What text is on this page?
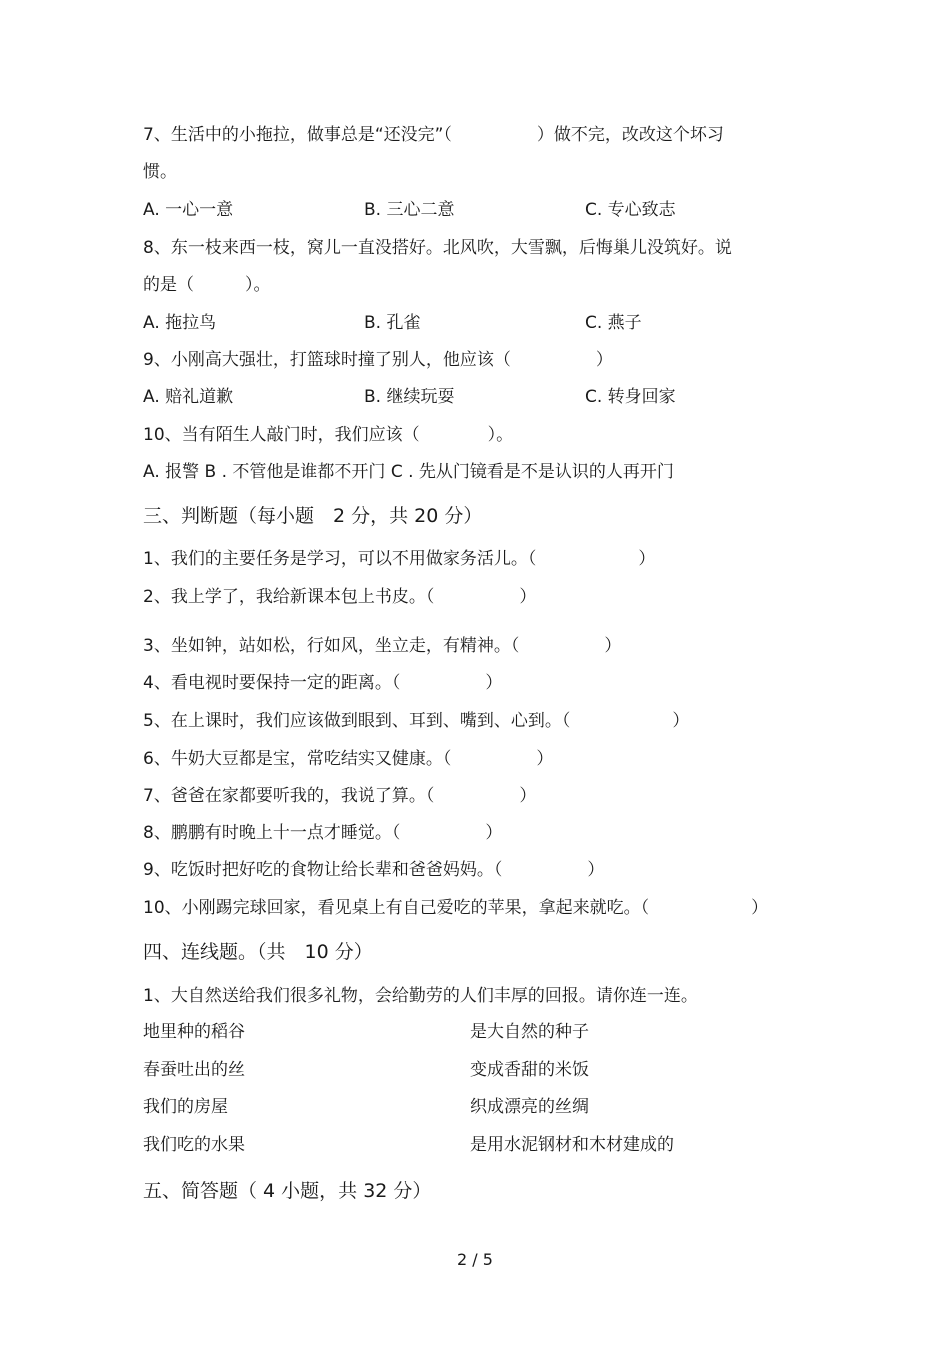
7、生活中的小拖拉，做事总是“还没完”（　　　　　）做不完，改改这个坏习
惯。
A. 一心一意	B. 三心二意	C. 专心致志
8、东一枝来西一枝，窝儿一直没搭好。北风吹，大雪飘，后悔巢儿没筑好。说
的是（　　　）。
A. 拖拉鸟	B. 孔雀	C. 燕子
9、小刚高大强壮，打篮球时撞了别人，他应该（　　　　　）
A. 赔礼道歉	B. 继续玩耍	C. 转身回家
10、当有陌生人敲门时，我们应该（　　　　）。
A. 报警 B . 不管他是谁都不开门 C . 先从门镜看是不是认识的人再开门
三、判断题（每小题　2 分，共 20 分）
1、我们的主要任务是学习，可以不用做家务活儿。（　　　　　　）
2、我上学了，我给新课本包上书皮。（　　　　　）
3、坐如钟，站如松，行如风，坐立走，有精神。（　　　　　）
4、看电视时要保持一定的距离。（　　　　　）
5、在上课时，我们应该做到眼到、耳到、嘴到、心到。（　　　　　　）
6、牛奶大豆都是宝，常吃结实又健康。（　　　　　）
7、爸爸在家都要听我的，我说了算。（　　　　　）
8、鹏鹏有时晚上十一点才睡觉。（　　　　　）
9、吃饭时把好吃的食物让给长辈和爸爸妈妈。（　　　　　）
10、小刚踢完球回家，看见桌上有自己爱吃的苹果，拿起来就吃。（　　　　　　）
四、连线题。（共　10 分）
1、大自然送给我们很多礼物，会给勤劳的人们丰厚的回报。请你连一连。
地里种的稻谷	是大自然的种子
春蚕吐出的丝	变成香甜的米饭
我们的房屋	织成漂亮的丝绸
我们吃的水果	是用水泥钢材和木材建成的
五、简答题（ 4 小题，共 32 分）
2 / 5
